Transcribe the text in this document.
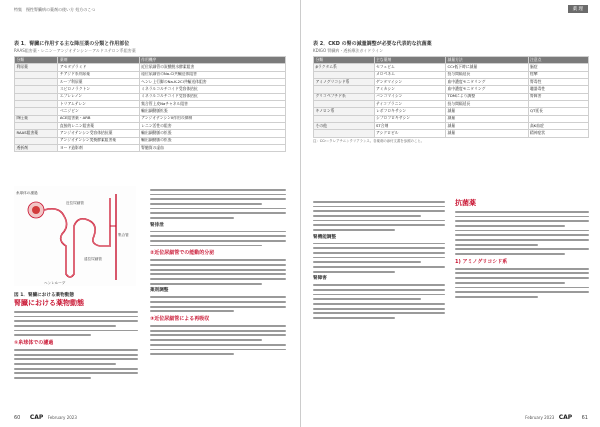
特集　慢性腎臓病の薬剤の使い方 処方のこつ
表 1．腎臓に作用する主な降圧薬の分類と作用部位
RAAS阻害薬・レニン－アンジオテンシン－アルドステロン系阻害薬
分類	薬剤	作用機序
利尿薬	アセタゾラミド	近位尿細管の炭酸脱水酵素阻害
	チアジド系利尿薬	遠位尿細管のNa-Cl共輸送体阻害
	ループ利尿薬	ヘンレ上行脚のNa-K-2Cl共輸送体阻害
	スピロノラクトン	ミネラルコルチコイド受容体拮抗
	エプレレノン	ミネラルコルチコイド受容体拮抗
	トリアムテレン	集合管上皮Naチャネル阻害
	ベニジピン	輸出細動脈拡張
降圧薬	ACE阻害薬・ARB	アンジオテンシンII作用の抑制
	直接的レニン阻害薬	レニン活性の阻害
RAAS阻害薬	アンジオテンシン受容体拮抗薬	輸出細動脈の拡張
	アンジオテンシン変換酵素阻害薬	輸出細動脈の拡張
透析剤	ヨード造影剤	腎髄質の虚血
糸球体の濾過
近位尿細管
遠位尿細管
ヘンレループ
集合管
図 1．腎臓における薬物動態
腎臓における薬物動態
①糸球体での濾過
腎排泄
②近位尿細管での能動的分泌
薬剤調整
③近位尿細管による再吸収
60 CAP February 2023
薬 理
表 2．CKD の腎の減量調整が必要な代表的な抗菌薬
KDIGO 腎臓病・透析療法ガイドライン
分類	主な薬剤	減量方法	注意点
βラクタム系	セフェピム	CCr低下時に減量	脳症
	メロペネム	投与間隔延長	痙攣
アミノグリコシド系	ゲンタマイシン	血中濃度モニタリング	腎毒性
	アミカシン	血中濃度モニタリング	聴器毒性
グリコペプチド系	バンコマイシン	TDMにより調整	腎障害
	テイコプラニン	投与間隔延長	
キノロン系	レボフロキサシン	減量	QT延長
	シプロフロキサシン	減量	
その他	ST合剤	減量	高K血症
	アシクロビル	減量	精神症状
注：CCr＝クレアチニンクリアランス。各薬剤の添付文書を参照のこと。
腎機能調整
腎障害
抗菌薬
1) アミノグリコシド系
February 2023 CAP 61
